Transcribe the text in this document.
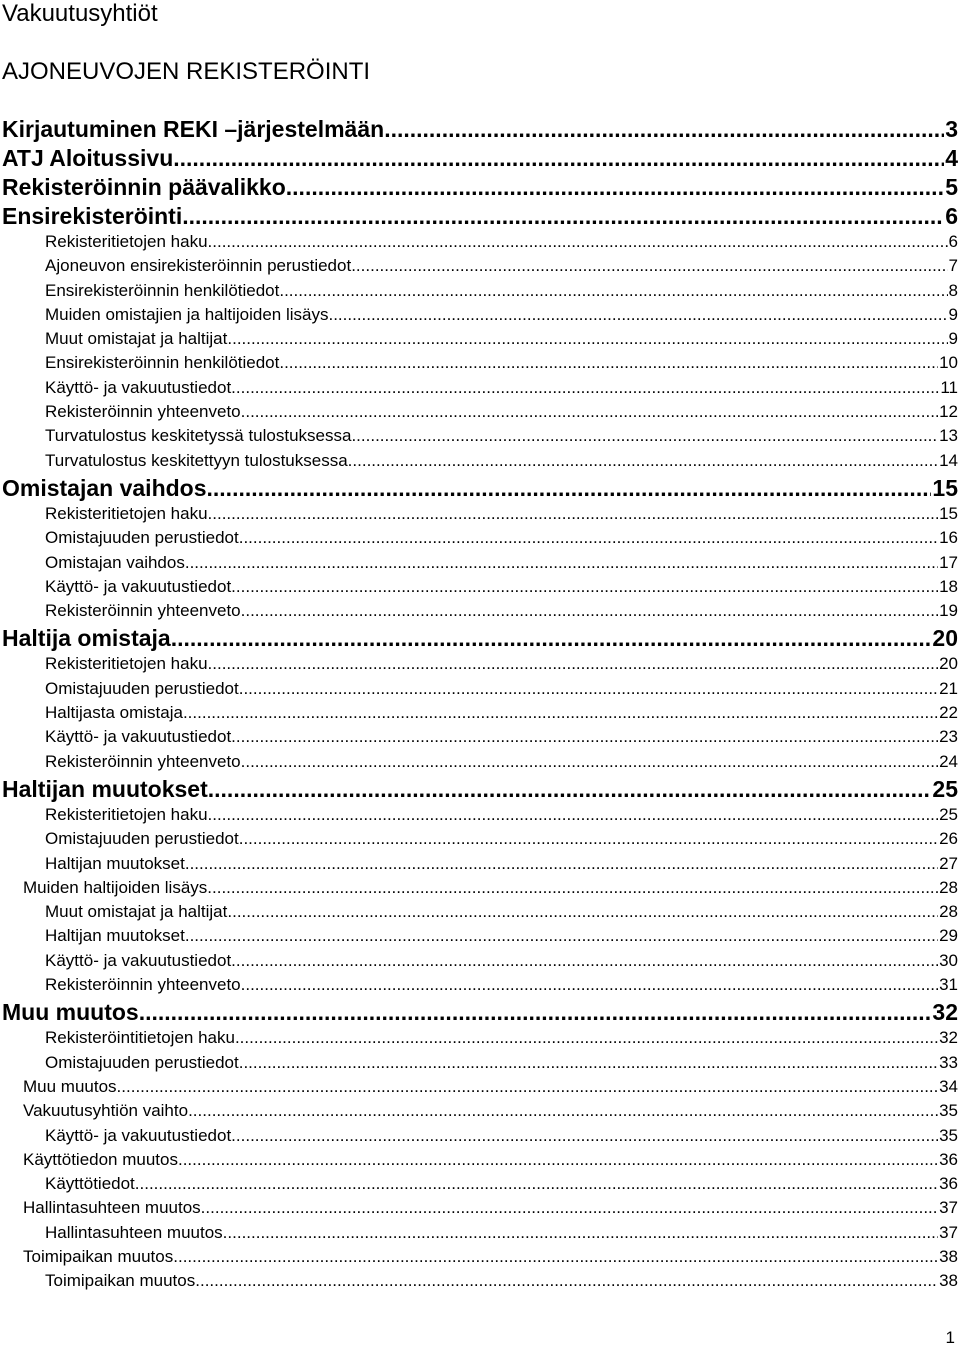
Vakuutusyhtiöt
AJONEUVOJEN REKISTERÖINTI
Kirjautuminen REKI –järjestelmään .....	3
ATJ Aloitussivu .....	4
Rekisteröinnin päävalikko .....	5
Ensirekisteröinti .....	6
Rekisteritietojen haku .....	6
Ajoneuvon ensirekisteröinnin perustiedot .....	7
Ensirekisteröinnin henkilötiedot .....	8
Muiden omistajien ja haltijoiden lisäys .....	9
Muut omistajat ja haltijat .....	9
Ensirekisteröinnin henkilötiedot .....	10
Käyttö- ja vakuutustiedot .....	11
Rekisteröinnin yhteenveto .....	12
Turvatulostus keskitetyssä tulostuksessa .....	13
Turvatulostus keskitettyyn tulostuksessa .....	14
Omistajan vaihdos .....	15
Rekisteritietojen haku .....	15
Omistajuuden perustiedot .....	16
Omistajan vaihdos .....	17
Käyttö- ja vakuutustiedot .....	18
Rekisteröinnin yhteenveto .....	19
Haltija omistaja .....	20
Rekisteritietojen haku .....	20
Omistajuuden perustiedot .....	21
Haltijasta omistaja .....	22
Käyttö- ja vakuutustiedot .....	23
Rekisteröinnin yhteenveto .....	24
Haltijan muutokset .....	25
Rekisteritietojen haku .....	25
Omistajuuden perustiedot .....	26
Haltijan muutokset .....	27
Muiden haltijoiden lisäys .....	28
Muut omistajat ja haltijat .....	28
Haltijan muutokset .....	29
Käyttö- ja vakuutustiedot .....	30
Rekisteröinnin yhteenveto .....	31
Muu muutos .....	32
Rekisteröintitietojen haku .....	32
Omistajuuden perustiedot .....	33
Muu muutos .....	34
Vakuutusyhtiön vaihto .....	35
Käyttö- ja vakuutustiedot .....	35
Käyttötiedon muutos .....	36
Käyttötiedot .....	36
Hallintasuhteen muutos .....	37
Hallintasuhteen muutos .....	37
Toimipaikan muutos .....	38
Toimipaikan muutos .....	38
1
